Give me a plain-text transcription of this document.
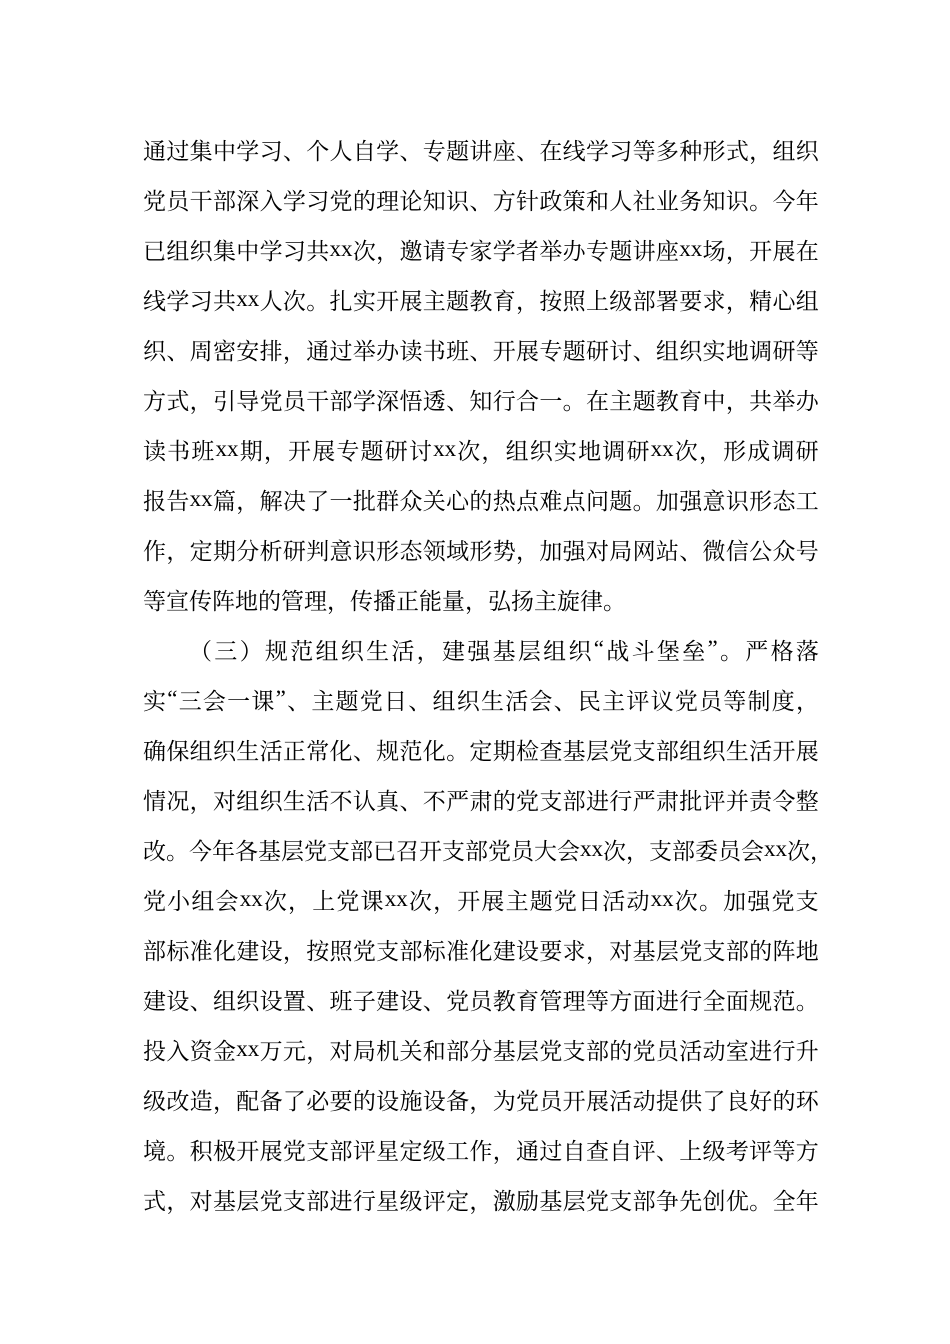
通 过 集 中 学 习 、 个 人 自 学 、 专 题 讲 座 、 在 线 学 习 等 多 种 形 式 ， 组 织
党 员 干 部 深 入 学 习 党 的 理 论 知 识 、 方 针 政 策 和 人 社 业 务 知 识 。 今 年
已 组 织 集 中 学 习 共 xx 次 ， 邀 请 专 家 学 者 举 办 专 题 讲 座 xx 场 ， 开 展 在
线 学 习 共 xx 人 次 。 扎 实 开 展 主 题 教 育 ， 按 照 上 级 部 署 要 求 ， 精 心 组
织 、 周 密 安 排 ， 通 过 举 办 读 书 班 、 开 展 专 题 研 讨 、 组 织 实 地 调 研 等
方 式 ， 引 导 党 员 干 部 学 深 悟 透 、 知 行 合 一 。 在 主 题 教 育 中 ， 共 举 办
读 书 班 xx 期 ， 开 展 专 题 研 讨 xx 次 ， 组 织 实 地 调 研 xx 次 ， 形 成 调 研
报 告 xx 篇 ， 解 决 了 一 批 群 众 关 心 的 热 点 难 点 问 题 。 加 强 意 识 形 态 工
作 ， 定 期 分 析 研 判 意 识 形 态 领 域 形 势 ， 加 强 对 局 网 站 、 微 信 公 众 号
等 宣 传 阵 地 的 管 理 ， 传 播 正 能 量 ， 弘 扬 主 旋 律 。
（ 三 ） 规 范 组 织 生 活 ， 建 强 基 层 组 织 “ 战 斗 堡 垒 ” 。 严 格 落
实 “ 三 会 一 课 ” 、 主 题 党 日 、 组 织 生 活 会 、 民 主 评 议 党 员 等 制 度 ，
确 保 组 织 生 活 正 常 化 、 规 范 化 。 定 期 检 查 基 层 党 支 部 组 织 生 活 开 展
情 况 ， 对 组 织 生 活 不 认 真 、 不 严 肃 的 党 支 部 进 行 严 肃 批 评 并 责 令 整
改 。 今 年 各 基 层 党 支 部 已 召 开 支 部 党 员 大 会 xx 次 ， 支 部 委 员 会 xx 次 ，
党 小 组 会 xx 次 ， 上 党 课 xx 次 ， 开 展 主 题 党 日 活 动 xx 次 。 加 强 党 支
部 标 准 化 建 设 ， 按 照 党 支 部 标 准 化 建 设 要 求 ， 对 基 层 党 支 部 的 阵 地
建 设 、 组 织 设 置 、 班 子 建 设 、 党 员 教 育 管 理 等 方 面 进 行 全 面 规 范 。
投 入 资 金 xx 万 元 ， 对 局 机 关 和 部 分 基 层 党 支 部 的 党 员 活 动 室 进 行 升
级 改 造 ， 配 备 了 必 要 的 设 施 设 备 ， 为 党 员 开 展 活 动 提 供 了 良 好 的 环
境 。 积 极 开 展 党 支 部 评 星 定 级 工 作 ， 通 过 自 查 自 评 、 上 级 考 评 等 方
式 ， 对 基 层 党 支 部 进 行 星 级 评 定 ， 激 励 基 层 党 支 部 争 先 创 优 。 全 年
